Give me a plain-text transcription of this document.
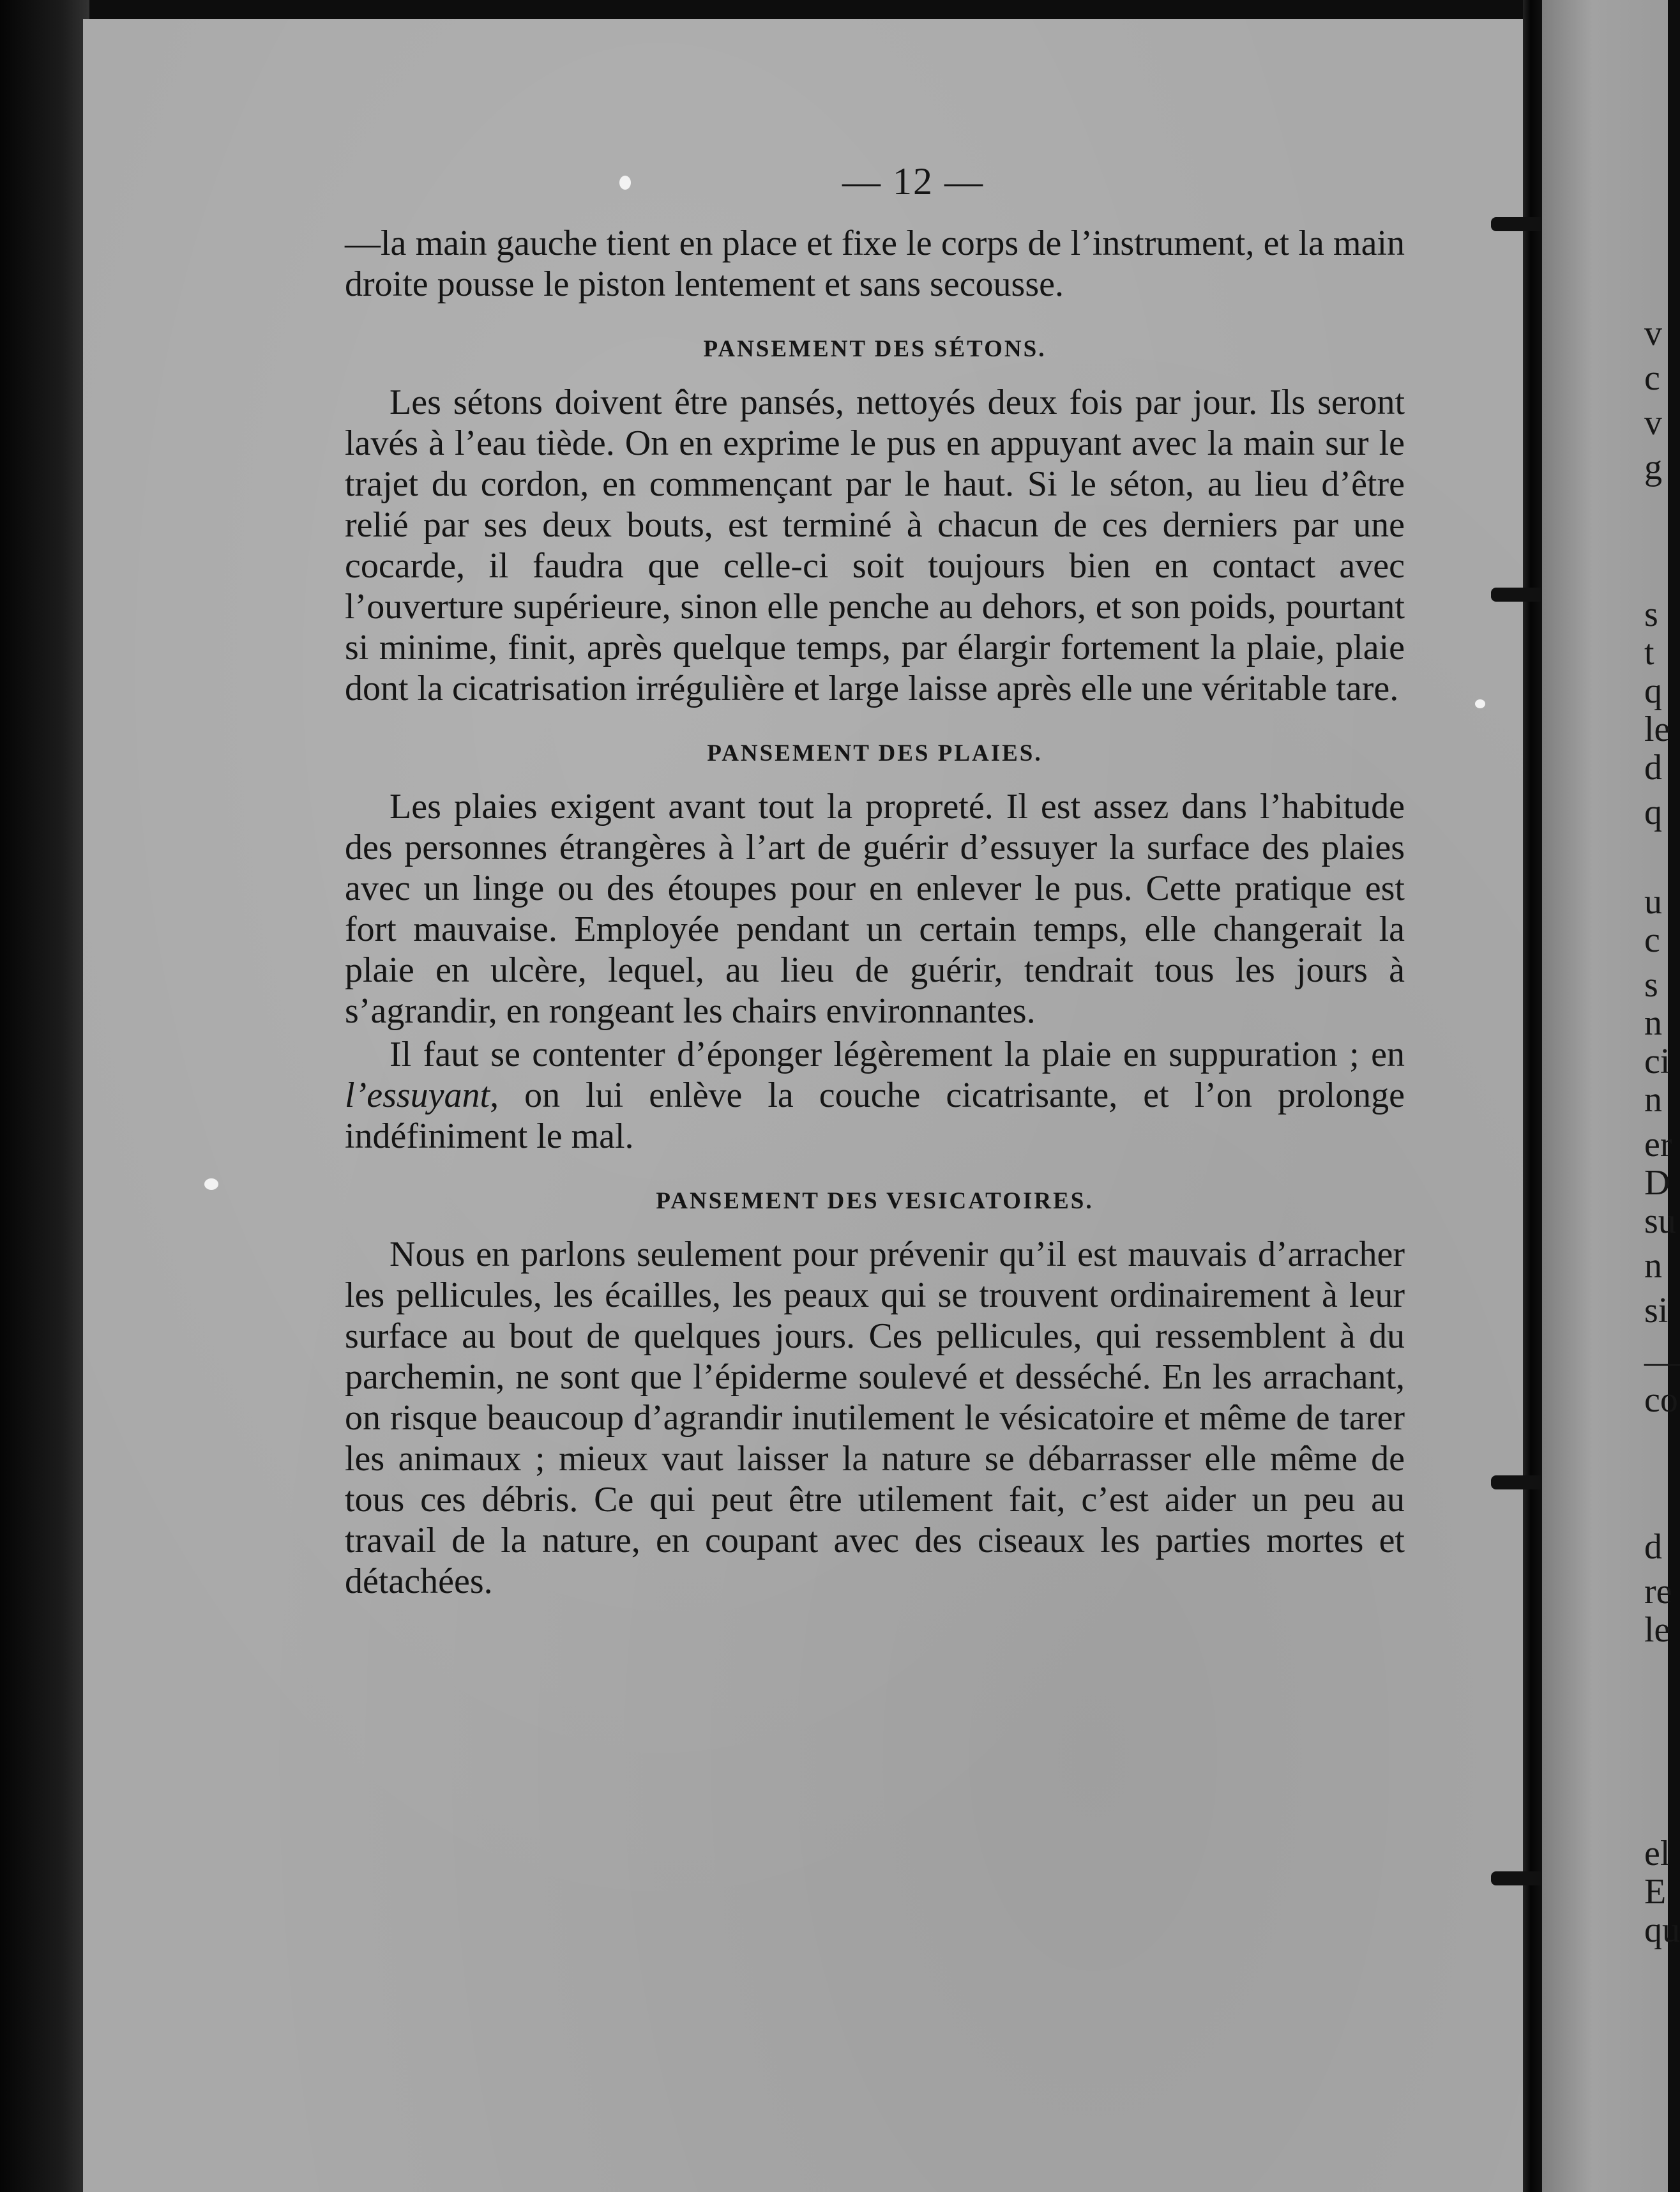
v
c
v
g
s
t
q
le
d
q
u
c
s
n
ci
n
er
D
su
n
si
—
co
d
re
le
el
E
qu
— 12 —

—la main gauche tient en place et fixe le corps de l’instrument, et la main droite pousse le piston lentement et sans secousse.

PANSEMENT DES SÉTONS.

Les sétons doivent être pansés, nettoyés deux fois par jour. Ils seront lavés à l’eau tiède. On en exprime le pus en appuyant avec la main sur le trajet du cordon, en commençant par le haut. Si le séton, au lieu d’être relié par ses deux bouts, est terminé à chacun de ces derniers par une cocarde, il faudra que celle-ci soit toujours bien en contact avec l’ouverture supérieure, sinon elle penche au dehors, et son poids, pourtant si minime, finit, après quelque temps, par élargir fortement la plaie, plaie dont la cicatrisation irrégulière et large laisse après elle une véritable tare.

PANSEMENT DES PLAIES.

Les plaies exigent avant tout la propreté. Il est assez dans l’habitude des personnes étrangères à l’art de guérir d’essuyer la surface des plaies avec un linge ou des étoupes pour en enlever le pus. Cette pratique est fort mauvaise. Employée pendant un certain temps, elle changerait la plaie en ulcère, lequel, au lieu de guérir, tendrait tous les jours à s’agrandir, en rongeant les chairs environnantes.

Il faut se contenter d’éponger légèrement la plaie en suppuration ; en l’essuyant, on lui enlève la couche cicatrisante, et l’on prolonge indéfiniment le mal.

PANSEMENT DES VESICATOIRES.

Nous en parlons seulement pour prévenir qu’il est mauvais d’arracher les pellicules, les écailles, les peaux qui se trouvent ordinairement à leur surface au bout de quelques jours. Ces pellicules, qui ressemblent à du parchemin, ne sont que l’épiderme soulevé et desséché. En les arrachant, on risque beaucoup d’agrandir inutilement le vésicatoire et même de tarer les animaux ; mieux vaut laisser la nature se débarrasser elle même de tous ces débris. Ce qui peut être utilement fait, c’est aider un peu au travail de la nature, en coupant avec des ciseaux les parties mortes et détachées.
